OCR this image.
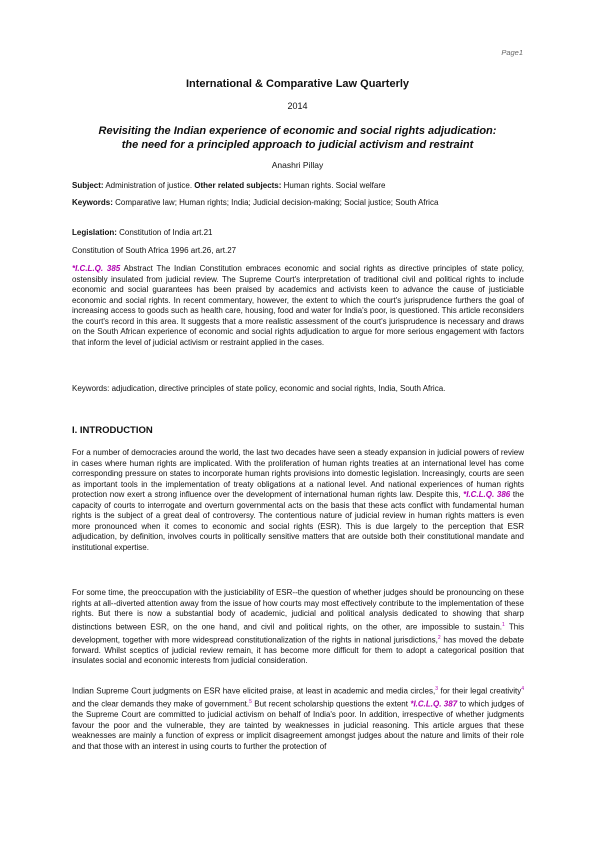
Page1
International & Comparative Law Quarterly
2014
Revisiting the Indian experience of economic and social rights adjudication:
the need for a principled approach to judicial activism and restraint
Anashri Pillay

Subject: Administration of justice. Other related subjects: Human rights. Social welfare

Keywords: Comparative law; Human rights; India; Judicial decision-making; Social justice; South Africa

Legislation: Constitution of India art.21

Constitution of South Africa 1996 art.26, art.27

*I.C.L.Q. 385 Abstract The Indian Constitution embraces economic and social rights as directive principles of state policy, ostensibly insulated from judicial review. The Supreme Court's interpretation of traditional civil and political rights to include economic and social guarantees has been praised by academics and activists keen to advance the cause of justiciable economic and social rights. In recent commentary, however, the extent to which the court's jurisprudence furthers the goal of increasing access to goods such as health care, housing, food and water for India's poor, is questioned. This article reconsiders the court's record in this area. It suggests that a more realistic assessment of the court's jurisprudence is necessary and draws on the South African experience of economic and social rights adjudication to argue for more serious engagement with factors that inform the level of judicial activism or restraint applied in the cases.

Keywords: adjudication, directive principles of state policy, economic and social rights, India, South Africa.

I. INTRODUCTION

For a number of democracies around the world, the last two decades have seen a steady expansion in judicial powers of review in cases where human rights are implicated. With the proliferation of human rights treaties at an international level has come corresponding pressure on states to incorporate human rights provisions into domestic legislation. Increasingly, courts are seen as important tools in the implementation of treaty obligations at a national level. And national experiences of human rights protection now exert a strong influence over the development of international human rights law. Despite this, *I.C.L.Q. 386 the capacity of courts to interrogate and overturn governmental acts on the basis that these acts conflict with fundamental human rights is the subject of a great deal of controversy. The contentious nature of judicial review in human rights matters is even more pronounced when it comes to economic and social rights (ESR). This is due largely to the perception that ESR adjudication, by definition, involves courts in politically sensitive matters that are outside both their constitutional mandate and institutional expertise.

For some time, the preoccupation with the justiciability of ESR--the question of whether judges should be pronouncing on these rights at all--diverted attention away from the issue of how courts may most effectively contribute to the implementation of these rights. But there is now a substantial body of academic, judicial and political analysis dedicated to showing that sharp distinctions between ESR, on the one hand, and civil and political rights, on the other, are impossible to sustain.$^1$ This development, together with more widespread constitutionalization of the rights in national jurisdictions,$^2$ has moved the debate forward. Whilst sceptics of judicial review remain, it has become more difficult for them to adopt a categorical position that insulates social and economic interests from judicial consideration.

Indian Supreme Court judgments on ESR have elicited praise, at least in academic and media circles,$^3$ for their legal creativity$^4$ and the clear demands they make of government.$^5$ But recent scholarship questions the extent *I.C.L.Q. 387 to which judges of the Supreme Court are committed to judicial activism on behalf of India's poor. In addition, irrespective of whether judgments favour the poor and the vulnerable, they are tainted by weaknesses in judicial reasoning. This article argues that these weaknesses are mainly a function of express or implicit disagreement amongst judges about the nature and limits of their role and that those with an interest in using courts to further the protection of
